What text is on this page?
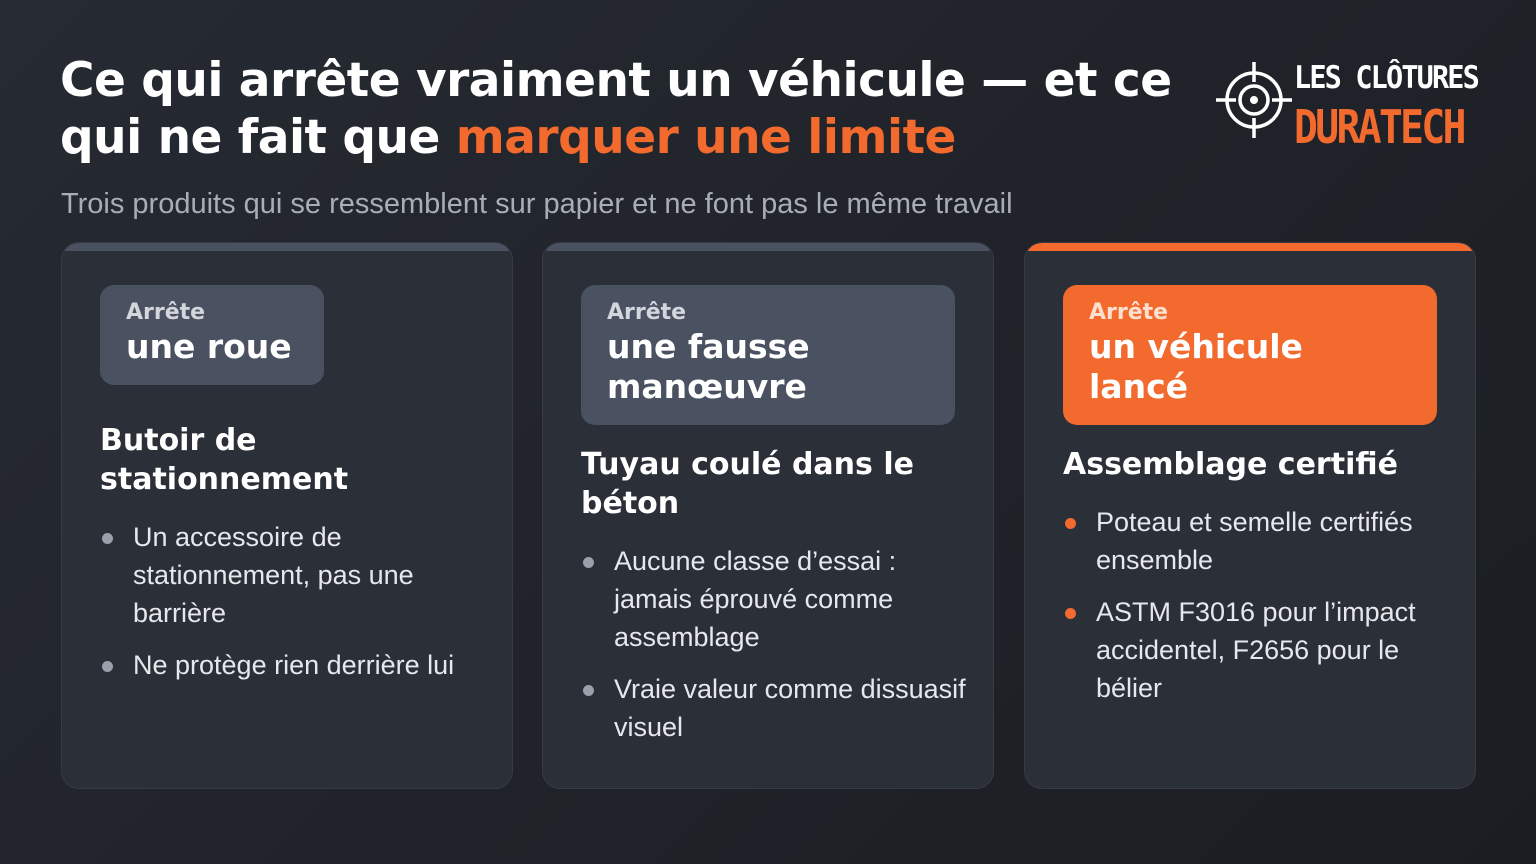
Ce qui arrête vraiment un véhicule — et ce qui ne fait que marquer une limite
Trois produits qui se ressemblent sur papier et ne font pas le même travail
LES CLÔTURES
DURATECH
Arrête
une roue
Butoir de stationnement
Un accessoire de stationnement, pas une barrière
Ne protège rien derrière lui
Arrête
une fausse manœuvre
Tuyau coulé dans le béton
Aucune classe d’essai : jamais éprouvé comme assemblage
Vraie valeur comme dissuasif visuel
Arrête
un véhicule lancé
Assemblage certifié
Poteau et semelle certifiés ensemble
ASTM F3016 pour l’impact accidentel, F2656 pour le bélier
